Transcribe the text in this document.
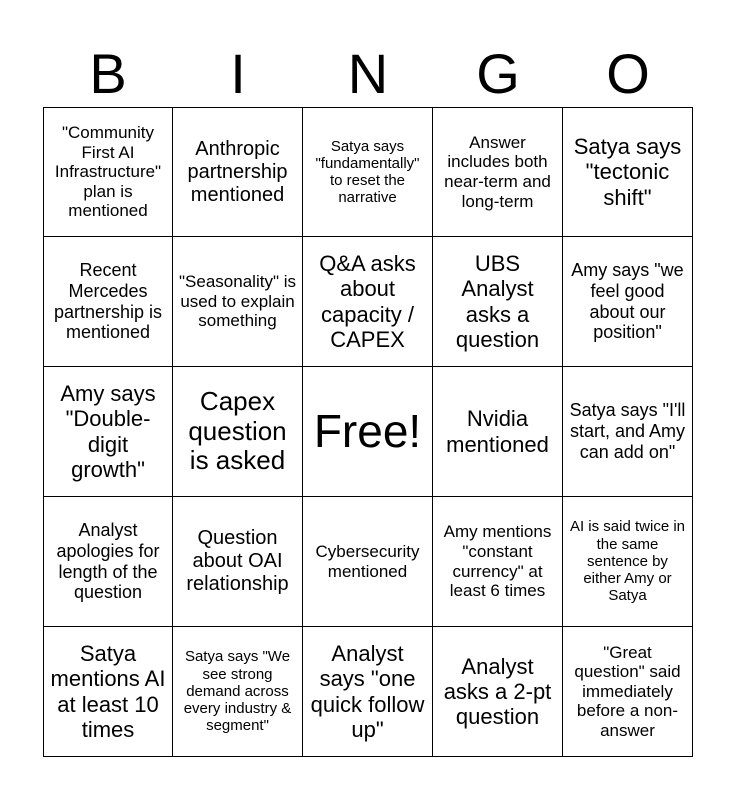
B	I	N	G	O
"Community First AI Infrastructure" plan is mentioned
Anthropic partnership mentioned
Satya says "fundamentally" to reset the narrative
Answer includes both near-term and long-term
Satya says "tectonic shift"
Recent Mercedes partnership is mentioned
"Seasonality" is used to explain something
Q&A asks about capacity / CAPEX
UBS Analyst asks a question
Amy says "we feel good about our position"
Amy says "Double-digit growth"
Capex question is asked
Free!	Nvidia mentioned
Satya says "I'll start, and Amy can add on"
Analyst apologies for length of the question
Question about OAI relationship
Cybersecurity mentioned
Amy mentions "constant currency" at least 6 times
AI is said twice in the same sentence by either Amy or Satya
Satya mentions AI at least 10 times
Satya says "We see strong demand across every industry & segment"
Analyst says "one quick follow up"
Analyst asks a 2-pt question
"Great question" said immediately before a non-answer
